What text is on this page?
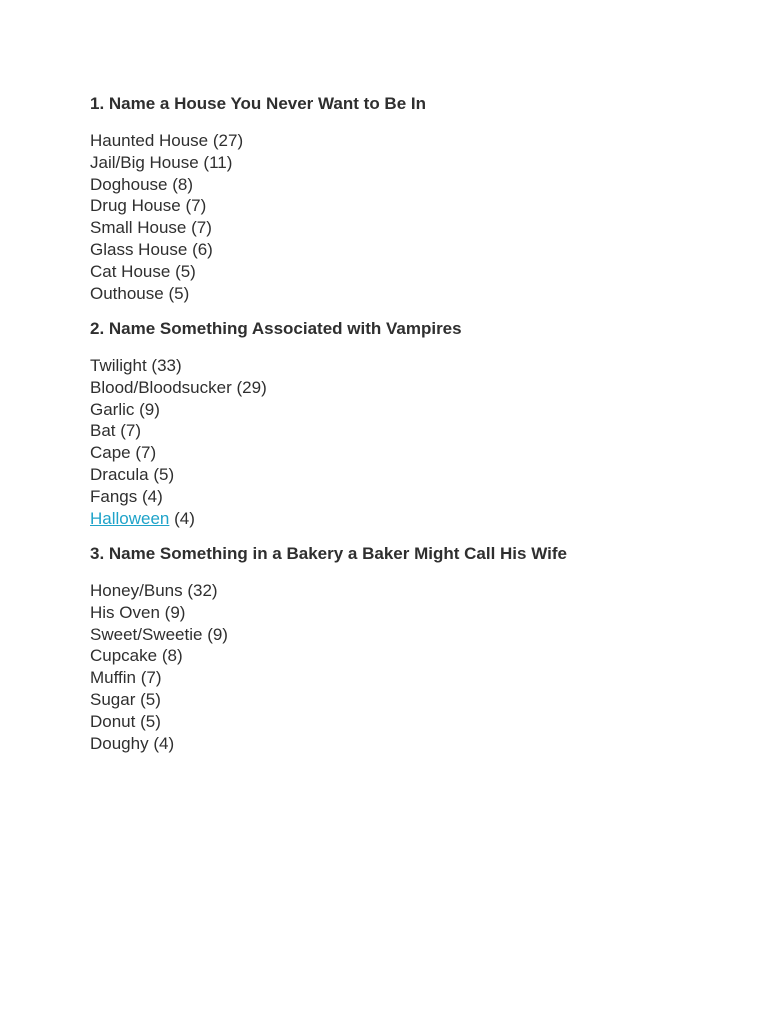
1. Name a House You Never Want to Be In
Haunted House (27)
Jail/Big House (11)
Doghouse (8)
Drug House (7)
Small House (7)
Glass House (6)
Cat House (5)
Outhouse (5)
2. Name Something Associated with Vampires
Twilight (33)
Blood/Bloodsucker (29)
Garlic (9)
Bat (7)
Cape (7)
Dracula (5)
Fangs (4)
Halloween (4)
3. Name Something in a Bakery a Baker Might Call His Wife
Honey/Buns (32)
His Oven (9)
Sweet/Sweetie (9)
Cupcake (8)
Muffin (7)
Sugar (5)
Donut (5)
Doughy (4)
